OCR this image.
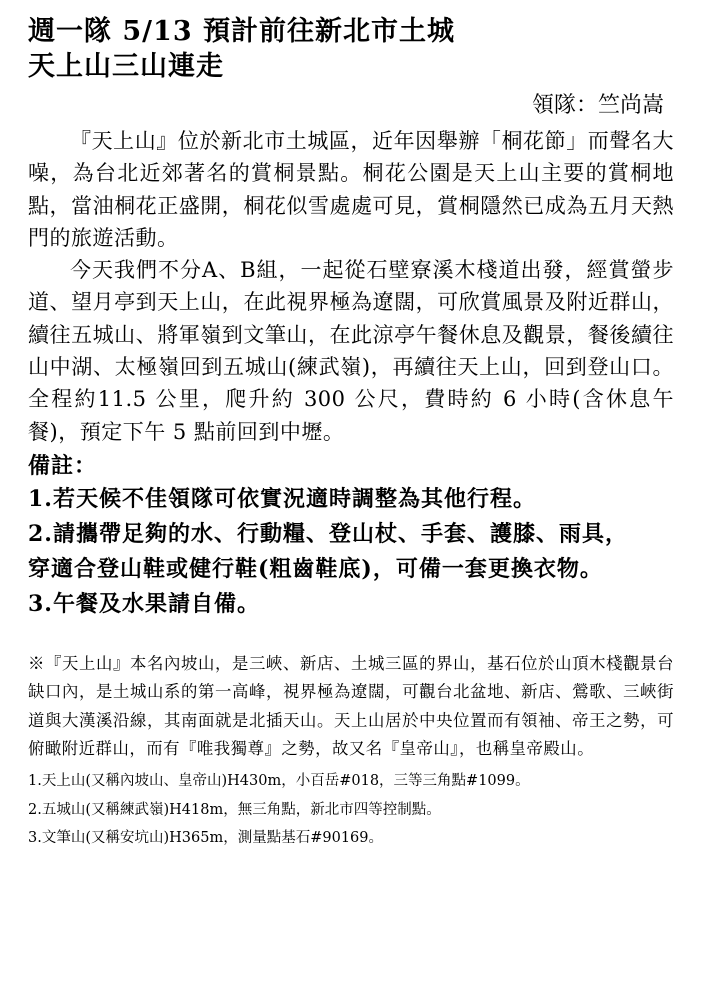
週一隊 5/13 預計前往新北市土城
天上山三山連走
領隊：竺尚嵩

『天上山』位於新北市土城區，近年因舉辦「桐花節」而聲名大噪，為台北近郊著名的賞桐景點。桐花公園是天上山主要的賞桐地點，當油桐花正盛開，桐花似雪處處可見，賞桐隱然已成為五月天熱門的旅遊活動。

今天我們不分A、B組，一起從石壁寮溪木棧道出發，經賞螢步道、望月亭到天上山，在此視界極為遼闊，可欣賞風景及附近群山，續往五城山、將軍嶺到文筆山，在此涼亭午餐休息及觀景，餐後續往山中湖、太極嶺回到五城山(練武嶺)，再續往天上山，回到登山口。全程約11.5 公里，爬升約 300 公尺，費時約 6 小時(含休息午餐)，預定下午 5 點前回到中壢。

備註：

1.若天候不佳領隊可依實況適時調整為其他行程。

2.請攜帶足夠的水、行動糧、登山杖、手套、護膝、雨具，
穿適合登山鞋或健行鞋(粗齒鞋底)，可備一套更換衣物。

3.午餐及水果請自備。

※『天上山』本名內坡山，是三峽、新店、土城三區的界山，基石位於山頂木棧觀景台缺口內，是土城山系的第一高峰，視界極為遼闊，可觀台北盆地、新店、鶯歌、三峽街道與大漢溪沿線，其南面就是北插天山。天上山居於中央位置而有領袖、帝王之勢，可俯瞰附近群山，而有『唯我獨尊』之勢，故又名『皇帝山』，也稱皇帝殿山。
1.天上山(又稱內坡山、皇帝山)H430m，小百岳#018，三等三角點#1099。
2.五城山(又稱練武嶺)H418m，無三角點，新北市四等控制點。
3.文筆山(又稱安坑山)H365m，測量點基石#90169。
